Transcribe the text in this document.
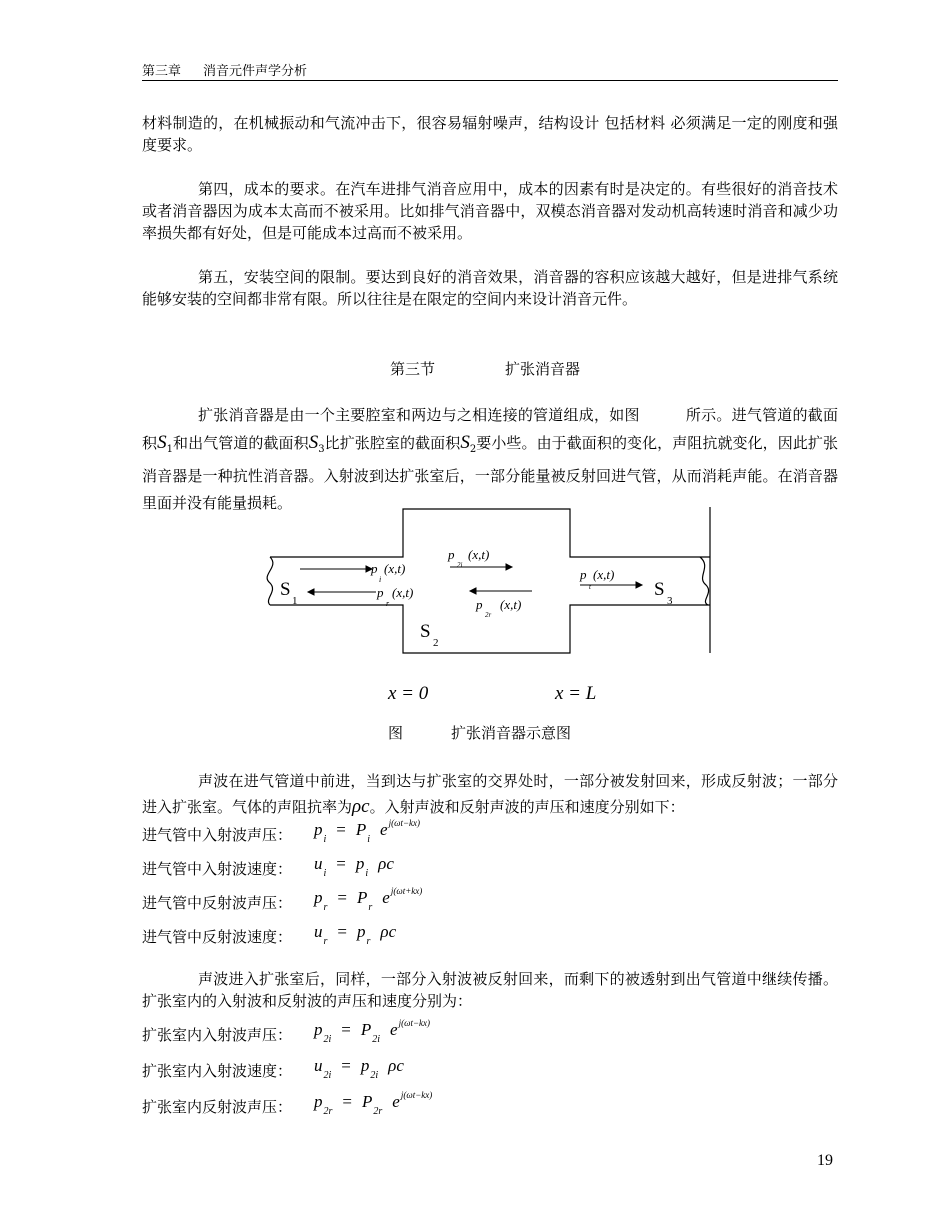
第三章 消音元件声学分析

材料制造的，在机械振动和气流冲击下，很容易辐射噪声，结构设计 包括材料 必须满足一定的刚度和强度要求。

第四，成本的要求。在汽车进排气消音应用中，成本的因素有时是决定的。有些很好的消音技术或者消音器因为成本太高而不被采用。比如排气消音器中，双模态消音器对发动机高转速时消音和减少功率损失都有好处，但是可能成本过高而不被采用。

第五，安装空间的限制。要达到良好的消音效果，消音器的容积应该越大越好，但是进排气系统能够安装的空间都非常有限。所以往往是在限定的空间内来设计消音元件。

第三节	扩张消音器

扩张消音器是由一个主要腔室和两边与之相连接的管道组成，如图	所示。进气管道的截面积$S_1$和出气管道的截面积$S_3$比扩张腔室的截面积$S_2$要小些。由于截面积的变化，声阻抗就变化，因此扩张消音器是一种抗性消音器。入射波到达扩张室后，一部分能量被反射回进气管，从而消耗声能。在消音器里面并没有能量损耗。

S
1
S
2
S
3
p
i
(x,t)
p
r
(x,t)
p
2i
(x,t)
p
2r
(x,t)
p
t
(x,t)
x = 0	x = L
图	扩张消音器示意图

声波在进气管道中前进，当到达与扩张室的交界处时，一部分被发射回来，形成反射波；一部分进入扩张室。气体的声阻抗率为ρc。入射声波和反射声波的声压和速度分别如下：

进气管中入射波声压： $p_i= P_ie^{j(\omega t-kx)}$
进气管中入射波速度： $u_i= p_i\rho c$
进气管中反射波声压： $p_r= P_re^{j(\omega t+kx)}$
进气管中反射波速度： $u_r= p_r\rho c$

声波进入扩张室后，同样，一部分入射波被反射回来，而剩下的被透射到出气管道中继续传播。扩张室内的入射波和反射波的声压和速度分别为：

扩张室内入射波声压： $p_{2i}= P_{2i}e^{j(\omega t-kx)}$
扩张室内入射波速度： $u_{2i}= p_{2i}\rho c$
扩张室内反射波声压： $p_{2r}= P_{2r}e^{j(\omega t-kx)}$
19
